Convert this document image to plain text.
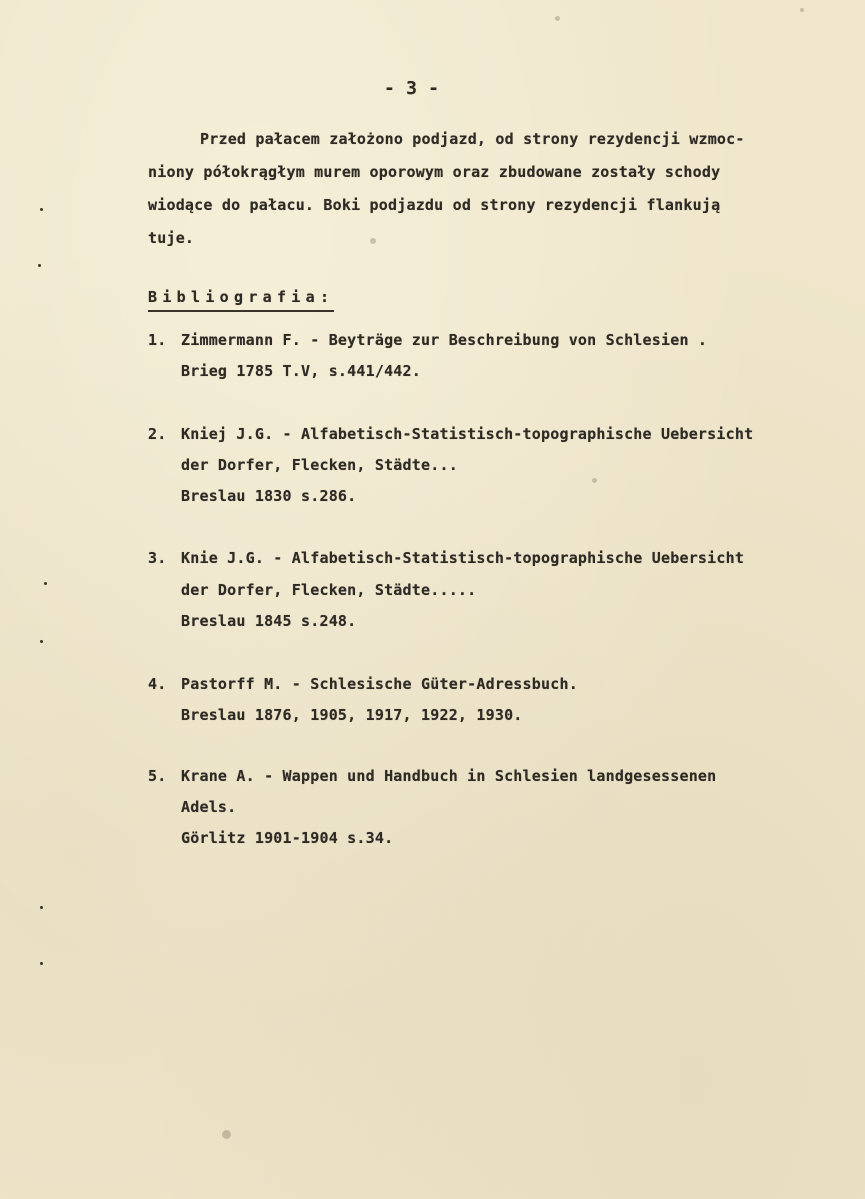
- 3 -
Przed pałacem założono podjazd, od strony rezydencji wzmoc-
niony półokrągłym murem oporowym oraz zbudowane zostały schody
wiodące do pałacu. Boki podjazdu od strony rezydencji flankują
tuje.
Bibliografia:
1. Zimmermann F. - Beyträge zur Beschreibung von Schlesien .
Brieg 1785 T.V, s.441/442.
2. Kniej J.G. - Alfabetisch-Statistisch-topographische Uebersicht
der Dorfer, Flecken, Städte...
Breslau 1830 s.286.
3. Knie J.G. - Alfabetisch-Statistisch-topographische Uebersicht
der Dorfer, Flecken, Städte.....
Breslau 1845 s.248.
4. Pastorff M. - Schlesische Güter-Adressbuch.
Breslau 1876, 1905, 1917, 1922, 1930.
5. Krane A. - Wappen und Handbuch in Schlesien landgesessenen
Adels.
Görlitz 1901-1904 s.34.
